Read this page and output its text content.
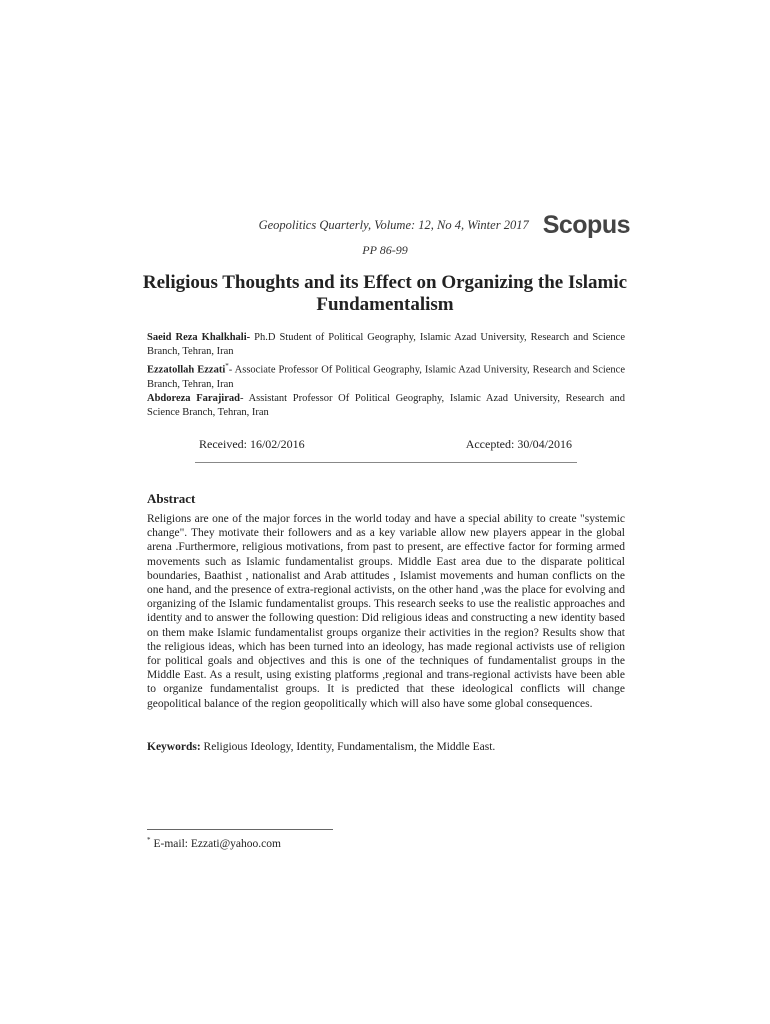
Geopolitics Quarterly, Volume: 12, No 4, Winter 2017 Scopus
PP 86-99
Religious Thoughts and its Effect on Organizing the Islamic Fundamentalism

Saeid Reza Khalkhali- Ph.D Student of Political Geography, Islamic Azad University, Research and Science Branch, Tehran, Iran

Ezzatollah Ezzati*- Associate Professor Of Political Geography, Islamic Azad University, Research and Science Branch, Tehran, Iran

Abdoreza Farajirad- Assistant Professor Of Political Geography, Islamic Azad University, Research and Science Branch, Tehran, Iran

Received: 16/02/2016	Accepted: 30/04/2016
Abstract

Religions are one of the major forces in the world today and have a special ability to create "systemic change". They motivate their followers and as a key variable allow new players appear in the global arena .Furthermore, religious motivations, from past to present, are effective factor for forming armed movements such as Islamic fundamentalist groups. Middle East area due to the disparate political boundaries, Baathist , nationalist and Arab attitudes , Islamist movements and human conflicts on the one hand, and the presence of extra-regional activists, on the other hand ,was the place for evolving and organizing of the Islamic fundamentalist groups. This research seeks to use the realistic approaches and identity and to answer the following question: Did religious ideas and constructing a new identity based on them make Islamic fundamentalist groups organize their activities in the region? Results show that the religious ideas, which has been turned into an ideology, has made regional activists use of religion for political goals and objectives and this is one of the techniques of fundamentalist groups in the Middle East. As a result, using existing platforms ,regional and trans-regional activists have been able to organize fundamentalist groups. It is predicted that these ideological conflicts will change geopolitical balance of the region geopolitically which will also have some global consequences.

Keywords: Religious Ideology, Identity, Fundamentalism, the Middle East.

* E-mail: Ezzati@yahoo.com
